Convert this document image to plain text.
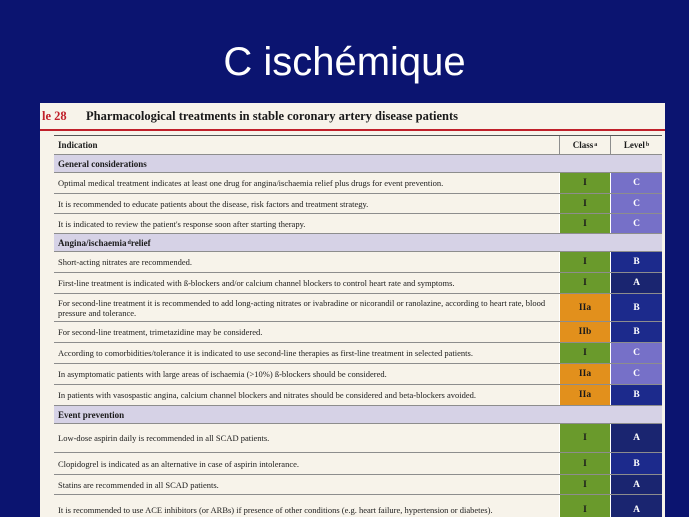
C ischémique
le 28	Pharmacological treatments in stable coronary artery disease patients
Indication	Class a	Level b
General considerations
Optimal medical treatment indicates at least one drug for angina/ischaemia relief plus drugs for event prevention.	I	C
It is recommended to educate patients about the disease, risk factors and treatment strategy.	I	C
It is indicated to review the patient's response soon after starting therapy.	I	C
Angina/ischaemia d relief
Short-acting nitrates are recommended.	I	B
First-line treatment is indicated with ß-blockers and/or calcium channel blockers to control heart rate and symptoms.	I	A
For second-line treatment it is recommended to add long-acting nitrates or ivabradine or nicorandil or ranolazine, according to heart rate, blood pressure and tolerance.	IIa	B
For second-line treatment, trimetazidine may be considered.	IIb	B
According to comorbidities/tolerance it is indicated to use second-line therapies as first-line treatment in selected patients.	I	C
In asymptomatic patients with large areas of ischaemia (>10%) ß-blockers should be considered.	IIa	C
In patients with vasospastic angina, calcium channel blockers and nitrates should be considered and beta-blockers avoided.	IIa	B
Event prevention
Low-dose aspirin daily is recommended in all SCAD patients.	I	A
Clopidogrel is indicated as an alternative in case of aspirin intolerance.	I	B
Statins are recommended in all SCAD patients.	I	A
It is recommended to use ACE inhibitors (or ARBs) if presence of other conditions (e.g. heart failure, hypertension or diabetes).	I	A
